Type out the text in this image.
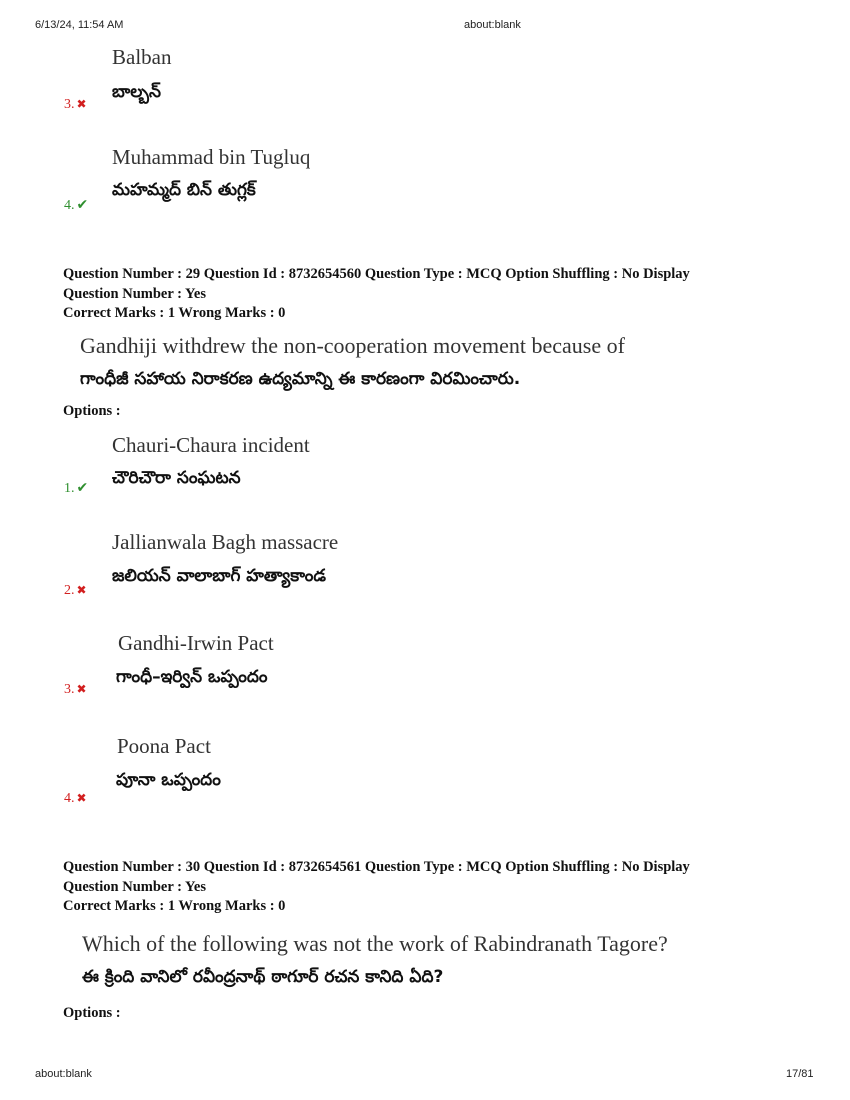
6/13/24, 11:54 AM	about:blank
Balban
బాల్బన్
3. ✖
Muhammad bin Tugluq
మహమ్మద్ బిన్ తుగ్లక్
4. ✔
Question Number : 29 Question Id : 8732654560 Question Type : MCQ Option Shuffling : No Display
Question Number : Yes
Correct Marks : 1 Wrong Marks : 0
Gandhiji withdrew the non-cooperation movement because of
గాంధీజీ సహాయ నిరాకరణ ఉద్యమాన్ని ఈ కారణంగా విరమించారు.
Options :
Chauri-Chaura incident
చౌరిచౌరా సంఘటన
1. ✔
Jallianwala Bagh massacre
జలియన్ వాలాబాగ్ హత్యాకాండ
2. ✖
Gandhi-Irwin Pact
గాంధీ–ఇర్విన్ ఒప్పందం
3. ✖
Poona Pact
పూనా ఒప్పందం
4. ✖
Question Number : 30 Question Id : 8732654561 Question Type : MCQ Option Shuffling : No Display
Question Number : Yes
Correct Marks : 1 Wrong Marks : 0
Which of the following was not the work of Rabindranath Tagore?
ఈ క్రింది వానిలో రవీంద్రనాథ్ ఠాగూర్ రచన కానిది ఏది?
Options :
about:blank	17/81
